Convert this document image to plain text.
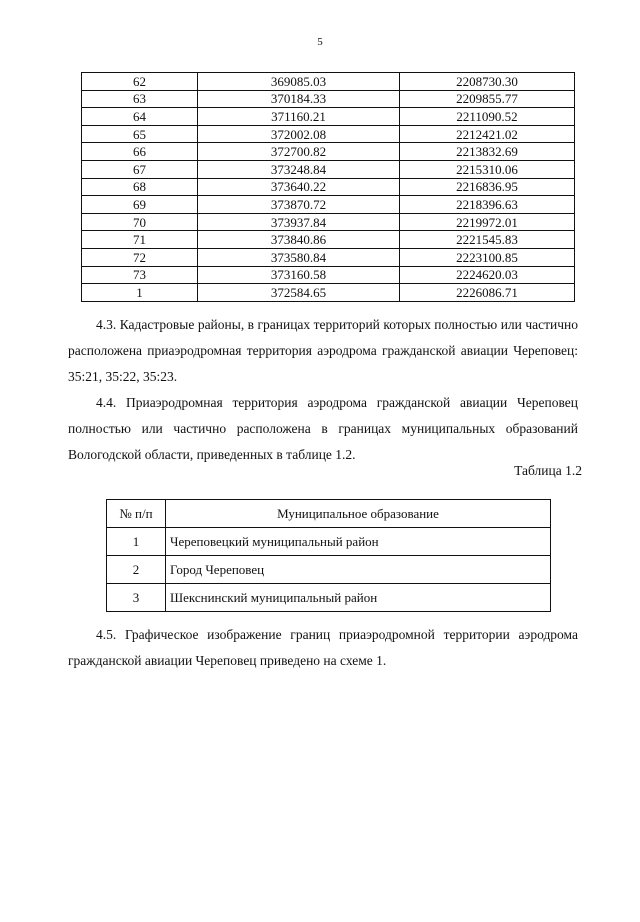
5
62	369085.03	2208730.30
63	370184.33	2209855.77
64	371160.21	2211090.52
65	372002.08	2212421.02
66	372700.82	2213832.69
67	373248.84	2215310.06
68	373640.22	2216836.95
69	373870.72	2218396.63
70	373937.84	2219972.01
71	373840.86	2221545.83
72	373580.84	2223100.85
73	373160.58	2224620.03
1	372584.65	2226086.71

4.3. Кадастровые районы, в границах территорий которых полностью или частично расположена приаэродромная территория аэродрома гражданской авиации Череповец: 35:21, 35:22, 35:23.

4.4. Приаэродромная территория аэродрома гражданской авиации Череповец полностью или частично расположена в границах муниципальных образований Вологодской области, приведенных в таблице 1.2.

Таблица 1.2
№ п/п	Муниципальное образование
1	Череповецкий муниципальный район
2	Город Череповец
3	Шекснинский муниципальный район

4.5. Графическое изображение границ приаэродромной территории аэродрома гражданской авиации Череповец приведено на схеме 1.
